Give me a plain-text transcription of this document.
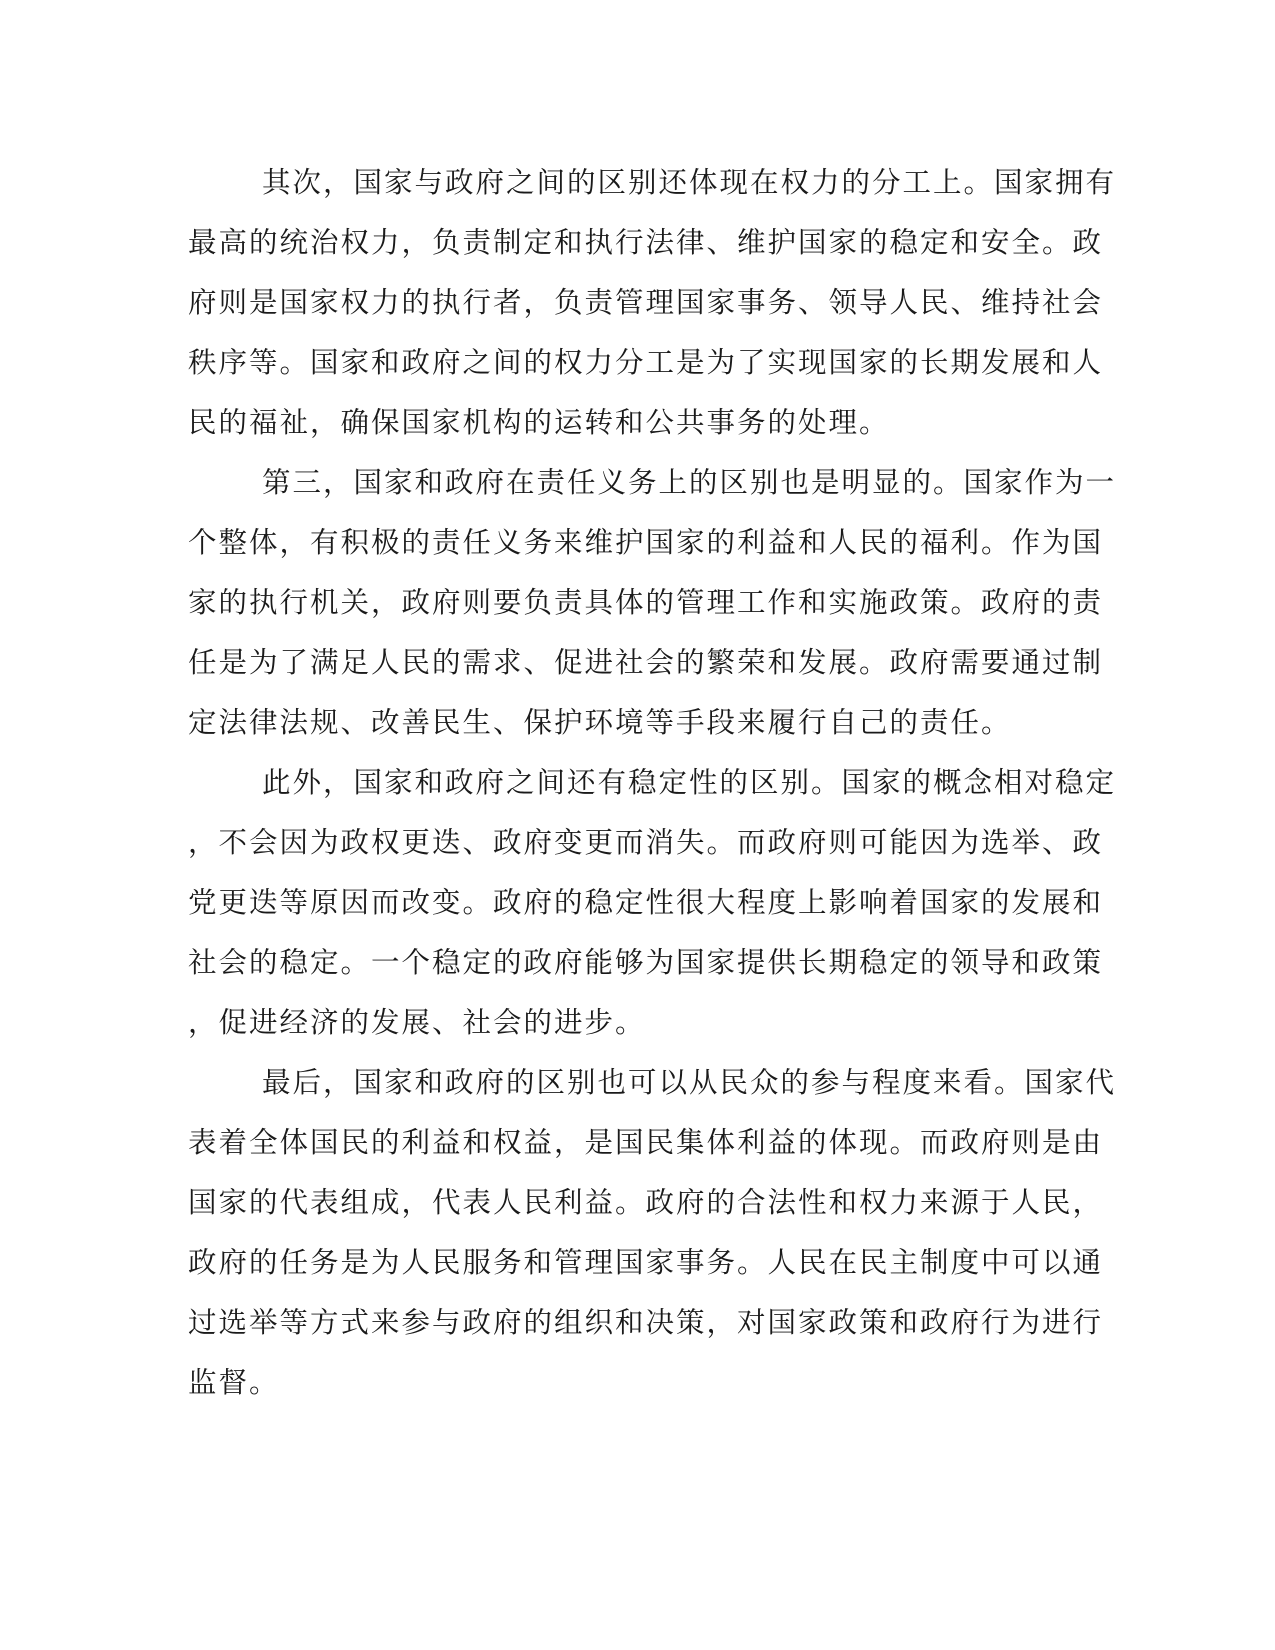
其次，国家与政府之间的区别还体现在权力的分工上。国家拥有
最高的统治权力，负责制定和执行法律、维护国家的稳定和安全。政
府则是国家权力的执行者，负责管理国家事务、领导人民、维持社会
秩序等。国家和政府之间的权力分工是为了实现国家的长期发展和人
民的福祉，确保国家机构的运转和公共事务的处理。

第三，国家和政府在责任义务上的区别也是明显的。国家作为一
个整体，有积极的责任义务来维护国家的利益和人民的福利。作为国
家的执行机关，政府则要负责具体的管理工作和实施政策。政府的责
任是为了满足人民的需求、促进社会的繁荣和发展。政府需要通过制
定法律法规、改善民生、保护环境等手段来履行自己的责任。

此外，国家和政府之间还有稳定性的区别。国家的概念相对稳定
，不会因为政权更迭、政府变更而消失。而政府则可能因为选举、政
党更迭等原因而改变。政府的稳定性很大程度上影响着国家的发展和
社会的稳定。一个稳定的政府能够为国家提供长期稳定的领导和政策
，促进经济的发展、社会的进步。

最后，国家和政府的区别也可以从民众的参与程度来看。国家代
表着全体国民的利益和权益，是国民集体利益的体现。而政府则是由
国家的代表组成，代表人民利益。政府的合法性和权力来源于人民，
政府的任务是为人民服务和管理国家事务。人民在民主制度中可以通
过选举等方式来参与政府的组织和决策，对国家政策和政府行为进行
监督。
